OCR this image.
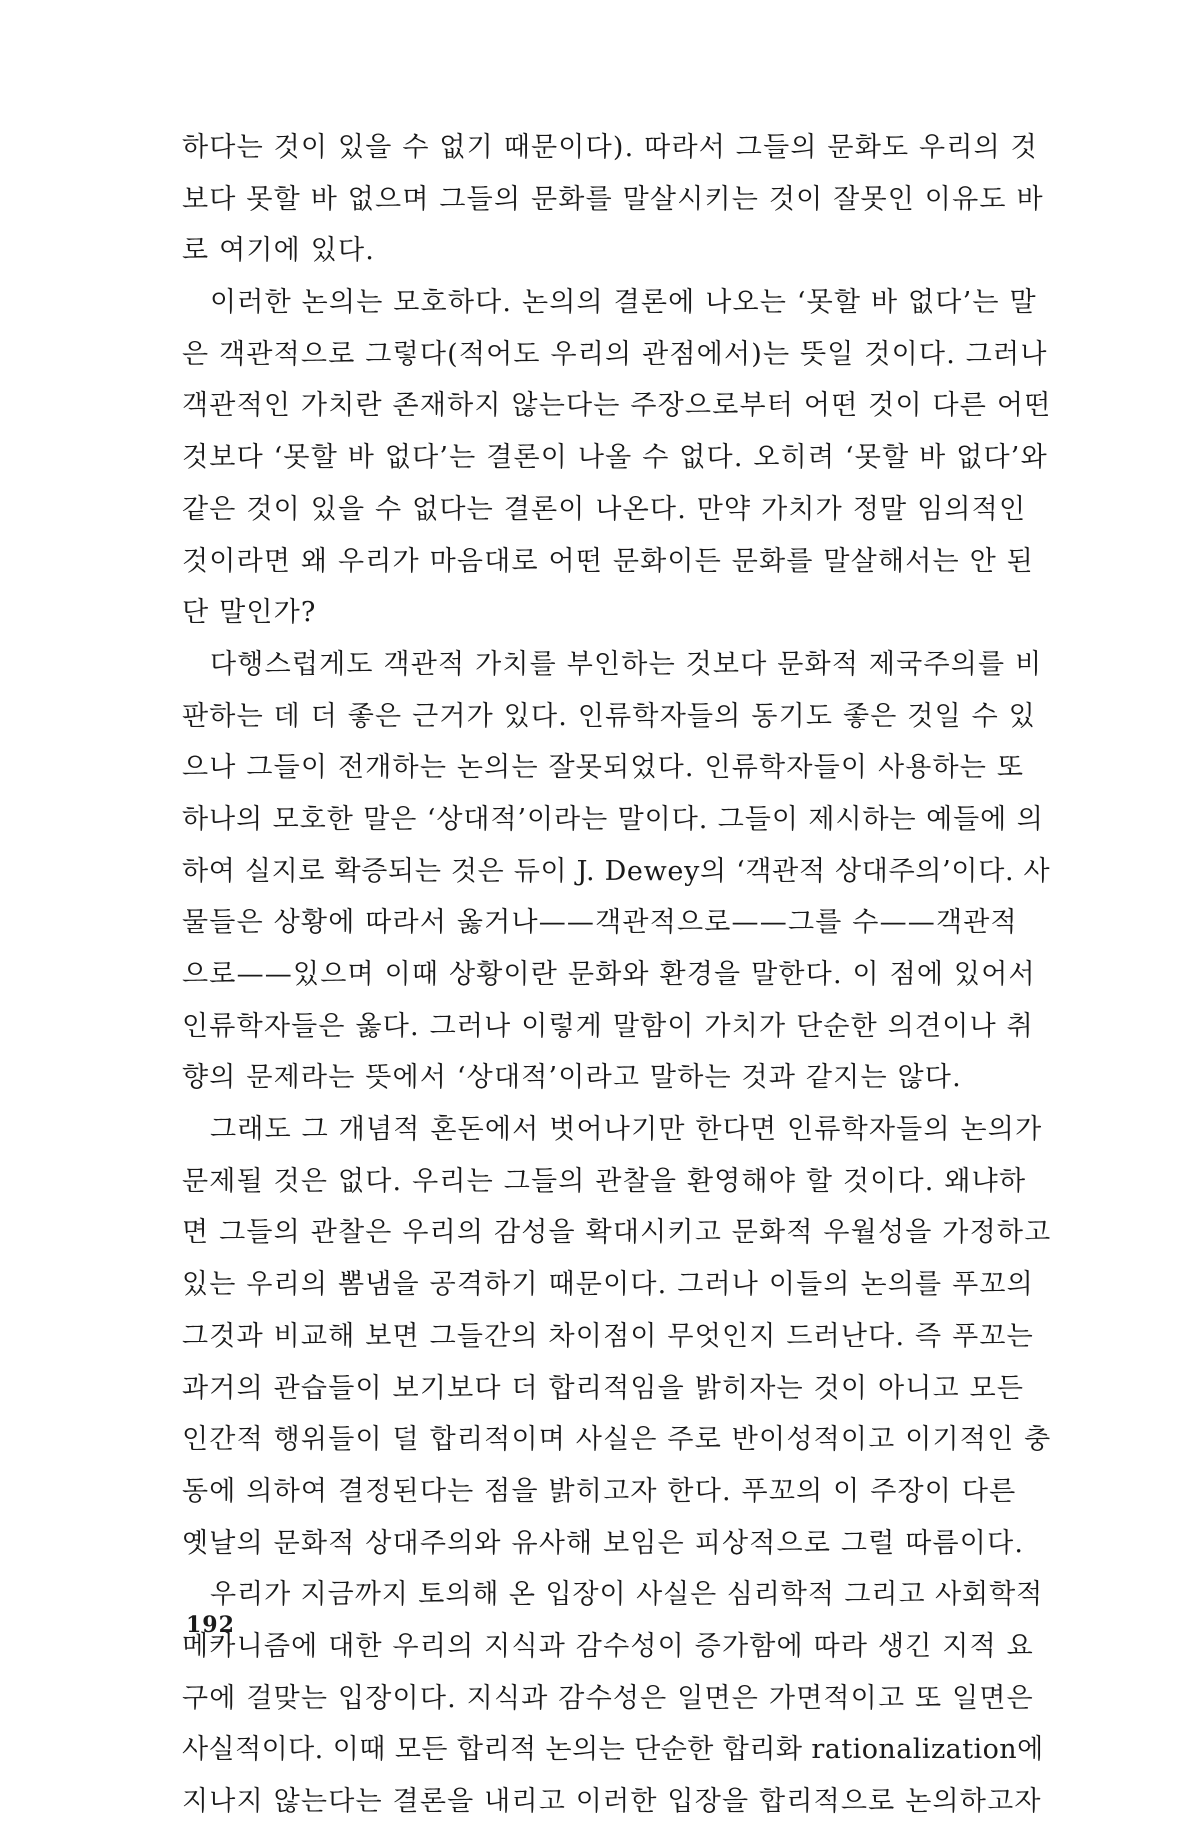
하다는 것이 있을 수 없기 때문이다). 따라서 그들의 문화도 우리의 것
보다 못할 바 없으며 그들의 문화를 말살시키는 것이 잘못인 이유도 바
로 여기에 있다.
이러한 논의는 모호하다. 논의의 결론에 나오는 ‘못할 바 없다’는 말
은 객관적으로 그렇다(적어도 우리의 관점에서)는 뜻일 것이다. 그러나
객관적인 가치란 존재하지 않는다는 주장으로부터 어떤 것이 다른 어떤
것보다 ‘못할 바 없다’는 결론이 나올 수 없다. 오히려 ‘못할 바 없다’와
같은 것이 있을 수 없다는 결론이 나온다. 만약 가치가 정말 임의적인
것이라면 왜 우리가 마음대로 어떤 문화이든 문화를 말살해서는 안 된
단 말인가?
다행스럽게도 객관적 가치를 부인하는 것보다 문화적 제국주의를 비
판하는 데 더 좋은 근거가 있다. 인류학자들의 동기도 좋은 것일 수 있
으나 그들이 전개하는 논의는 잘못되었다. 인류학자들이 사용하는 또
하나의 모호한 말은 ‘상대적’이라는 말이다. 그들이 제시하는 예들에 의
하여 실지로 확증되는 것은 듀이 J. Dewey의 ‘객관적 상대주의’이다. 사
물들은 상황에 따라서 옳거나——객관적으로——그를 수——객관적
으로——있으며 이때 상황이란 문화와 환경을 말한다. 이 점에 있어서
인류학자들은 옳다. 그러나 이렇게 말함이 가치가 단순한 의견이나 취
향의 문제라는 뜻에서 ‘상대적’이라고 말하는 것과 같지는 않다.
그래도 그 개념적 혼돈에서 벗어나기만 한다면 인류학자들의 논의가
문제될 것은 없다. 우리는 그들의 관찰을 환영해야 할 것이다. 왜냐하
면 그들의 관찰은 우리의 감성을 확대시키고 문화적 우월성을 가정하고
있는 우리의 뽐냄을 공격하기 때문이다. 그러나 이들의 논의를 푸꼬의
그것과 비교해 보면 그들간의 차이점이 무엇인지 드러난다. 즉 푸꼬는
과거의 관습들이 보기보다 더 합리적임을 밝히자는 것이 아니고 모든
인간적 행위들이 덜 합리적이며 사실은 주로 반이성적이고 이기적인 충
동에 의하여 결정된다는 점을 밝히고자 한다. 푸꼬의 이 주장이 다른
옛날의 문화적 상대주의와 유사해 보임은 피상적으로 그럴 따름이다.
우리가 지금까지 토의해 온 입장이 사실은 심리학적 그리고 사회학적
메카니즘에 대한 우리의 지식과 감수성이 증가함에 따라 생긴 지적 요
구에 걸맞는 입장이다. 지식과 감수성은 일면은 가면적이고 또 일면은
사실적이다. 이때 모든 합리적 논의는 단순한 합리화 rationalization에
지나지 않는다는 결론을 내리고 이러한 입장을 합리적으로 논의하고자
192
